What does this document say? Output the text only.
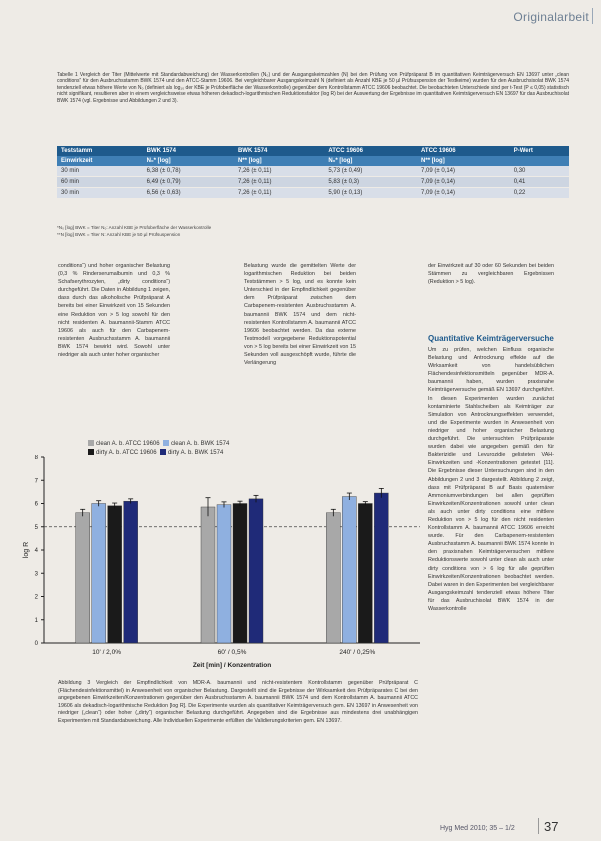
Originalarbeit
Tabelle 1 Vergleich der Titer (Mittelwerte mit Standardabweichung) der Wasserkontrollen (N₀) und der Ausgangskeimzahlen (N) bei den Prüfung von Prüfpräparat B im quantitativen Keimträgerversuch EN 13697 unter „clean conditions“ für den Ausbruchsstamm BWK 1574 und den ATCC-Stamm 19606. Bei vergleichbarer Ausgangskeimzahl N (definiert als Anzahl KBE je 50 µl Prüfsuspension der Testkeime) wurden für den Ausbruchsisolat BWK 1574 tendenziell etwas höhere Werte von N₀ (definiert als log₁₀ der KBE je Prüfoberfläche der Wasserkontrolle) gegenüber dem Kontrollstamm ATCC 19606 beobachtet. Die beobachteten Unterschiede sind per t-Test (P ≤ 0,05) statistisch nicht signifikant, resultieren aber in einem vergleichsweise etwas höheren dekadisch-logarithmischen Reduktionsfaktor (log R) bei der Auswertung der Ergebnisse im quantitativen Keimträgerversuch EN 13697 für das Ausbruchisolat BWK 1574 (vgl. Ergebnisse und Abbildungen 2 und 3).
Teststamm	BWK 1574	BWK 1574	ATCC 19606	ATCC 19606	P-Wert
Einwirkzeit	N₀* [log]	N** [log]	N₀* [log]	N** [log]	
30 min	6,38 (± 0,78)	7,26 (± 0,11)	5,73 (± 0,49)	7,09 (± 0,14)	0,30
60 min	6,49 (± 0,79)	7,26 (± 0,11)	5,83 (± 0,3)	7,09 (± 0,14)	0,41
30 min	6,56 (± 0,63)	7,26 (± 0,11)	5,90 (± 0,13)	7,09 (± 0,14)	0,22
*N₀ [log] BWK = Titer N₀: Anzahl KBE je Prüfoberfläche der Wasserkontrolle
**N [log] BWK = Titer N: Anzahl KBE je 50 µl Prüfsuspension
conditions“) und hoher organischer Belastung (0,3 % Rinderserumalbumin und 0,3 % Schafserythrozyten, „dirty conditions“) durchgeführt. Die Daten in Abbildung 1 zeigen, dass durch das alkoholische Prüfpräparat A bereits bei einer Einwirkzeit von 15 Sekunden eine Reduktion von > 5 log sowohl für den nicht residenten A. baumannii-Stamm ATCC 19606 als auch für den Carbapenem-resistenten Ausbruchsstamm A. baumannii BWK 1574 bewirkt wird. Sowohl unter niedriger als auch unter hoher organischer
Belastung wurde die gemittelten Werte der logarithmischen Reduktion bei beiden Teststämmen > 5 log, und es konnte kein Unterschied in der Empfindlichkeit gegenüber dem Prüfpräparat zwischen dem Carbapenem-resistenten Ausbruchsstamm A. baumannii BWK 1574 und dem nicht-resistenten Kontrollstamm A. baumannii ATCC 19606 beobachtet werden. Da das externe Testmodell vorgegebene Reduktionspotential von > 5 log bereits bei einer Einwirkzeit von 15 Sekunden voll ausgeschöpft wurde, führte die Verlängerung
der Einwirkzeit auf 30 oder 60 Sekunden bei beiden Stämmen zu vergleichbaren Ergebnissen (Reduktion > 5 log).
Quantitative Keimträgerversuche
Um zu prüfen, welchen Einfluss organische Belastung und Antrocknung effekte auf die Wirksamkeit von handelsüblichen Flächendesinfektionsmitteln gegenüber MDR-A. baumannii haben, wurden praxisnahe Keimträgerversuche gemäß EN 13697 durchgeführt. In diesen Experimenten wurden zunächst kontaminierte Stahlscheiben als Keimträger zur Simulation von Antrocknungseffekten verwendet, und die Experimente wurden in Anwesenheit von niedriger und hoher organischer Belastung durchgeführt. Die untersuchten Prüfpräparate wurden dabei wie angegeben gemäß den für Bakterizidie und Levurozidie gelisteten VAH-Einwirkzeiten und -Konzentrationen getestet [11]. Die Ergebnisse dieser Untersuchungen sind in den Abbildungen 2 und 3 dargestellt. Abbildung 2 zeigt, dass mit Prüfpräparat B auf Basis quaternärer Ammoniumverbindungen bei allen geprüften Einwirkzeiten/Konzentrationen sowohl unter clean als auch unter dirty conditions eine mittlere Reduktion von > 5 log für den nicht residenten Kontrollstamm A. baumannii ATCC 19606 erreicht wurde. Für den Carbapenem-resistenten Ausbruchsstamm A. baumannii BWK 1574 konnte in den praxisnahen Keimträgerversuchen mittlere Reduktionswerte sowohl unter clean als auch unter dirty conditions von > 6 log für alle geprüften Einwirkzeiten/Konzentrationen beobachtet werden. Dabei waren in den Experimenten bei vergleichbarer Ausgangskeimzahl tendenziell etwas höhere Titer für das Ausbruchisolat BWK 1574 in der Wasserkontrolle
clean A. b. ATCC 19606 clean A. b. BWK 1574
dirty A. b. ATCC 19606 dirty A. b. BWK 1574
0
1
2
3
4
5
6
7
8
log R
10' / 2,0%	60' / 0,5%	240' / 0,25%
Zeit [min] / Konzentration
Abbildung 3 Vergleich der Empfindlichkeit von MDR-A. baumannii und nicht-resistentem Kontrollstamm gegenüber Prüfpräparat C (Flächendesinfektionsmittel) in Anwesenheit von organischer Belastung. Dargestellt sind die Ergebnisse der Wirksamkeit des Prüfpräparates C bei den angegebenen Einwirkzeiten/Konzentrationen gegenüber den Ausbruchsstamm A. baumannii BWK 1574 und dem Kontrollstamm A. baumannii ATCC 19606 als dekadisch-logarithmische Reduktion [log R]. Die Experimente wurden als quantitativer Keimträgerversuch gem. EN 13697 in Anwesenheit von niedriger („clean“) oder hoher („dirty“) organischer Belastung durchgeführt. Angegeben sind die Ergebnisse aus mindestens drei unabhängigen Experimenten mit Standardabweichung. Alle Individuellen Experimente erfüllten die Validierungskriterien gem. EN 13697.
Hyg Med 2010; 35 – 1/2 37
